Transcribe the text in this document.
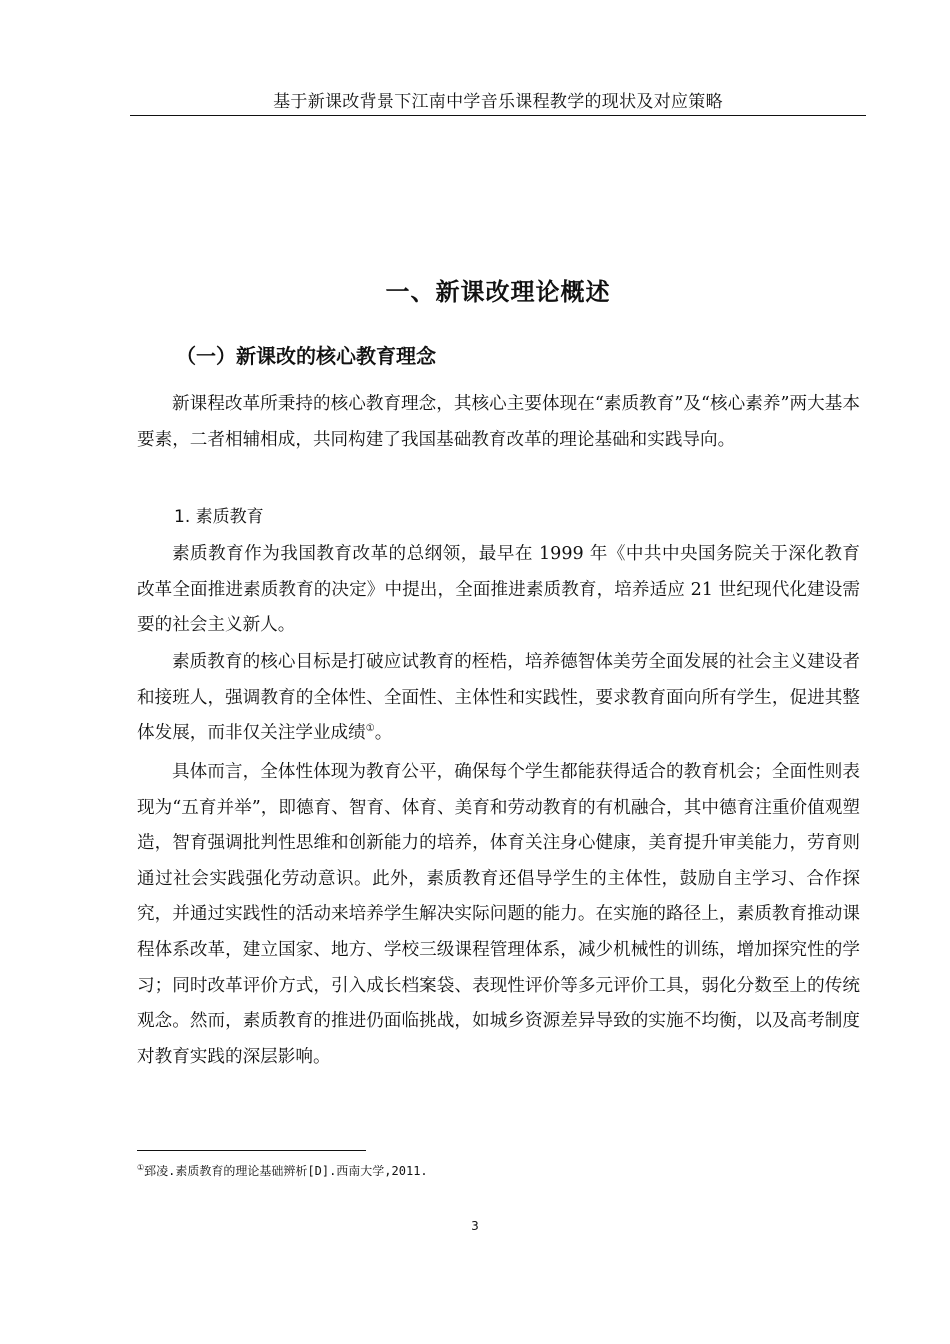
基于新课改背景下江南中学音乐课程教学的现状及对应策略
一、新课改理论概述
（一）新课改的核心教育理念

新课程改革所秉持的核心教育理念，其核心主要体现在“素质教育”及“核心素养”两大基本要素，二者相辅相成，共同构建了我国基础教育改革的理论基础和实践导向。

1. 素质教育

素质教育作为我国教育改革的总纲领，最早在 1999 年《中共中央国务院关于深化教育改革全面推进素质教育的决定》中提出，全面推进素质教育，培养适应 21 世纪现代化建设需要的社会主义新人。

素质教育的核心目标是打破应试教育的桎梏，培养德智体美劳全面发展的社会主义建设者和接班人，强调教育的全体性、全面性、主体性和实践性，要求教育面向所有学生，促进其整体发展，而非仅关注学业成绩①。

具体而言，全体性体现为教育公平，确保每个学生都能获得适合的教育机会；全面性则表现为“五育并举”，即德育、智育、体育、美育和劳动教育的有机融合，其中德育注重价值观塑造，智育强调批判性思维和创新能力的培养，体育关注身心健康，美育提升审美能力，劳育则通过社会实践强化劳动意识。此外，素质教育还倡导学生的主体性，鼓励自主学习、合作探究，并通过实践性的活动来培养学生解决实际问题的能力。在实施的路径上，素质教育推动课程体系改革，建立国家、地方、学校三级课程管理体系，减少机械性的训练，增加探究性的学习；同时改革评价方式，引入成长档案袋、表现性评价等多元评价工具，弱化分数至上的传统观念。然而，素质教育的推进仍面临挑战，如城乡资源差异导致的实施不均衡，以及高考制度对教育实践的深层影响。

①郅凌.素质教育的理论基础辨析[D].西南大学,2011.
3
